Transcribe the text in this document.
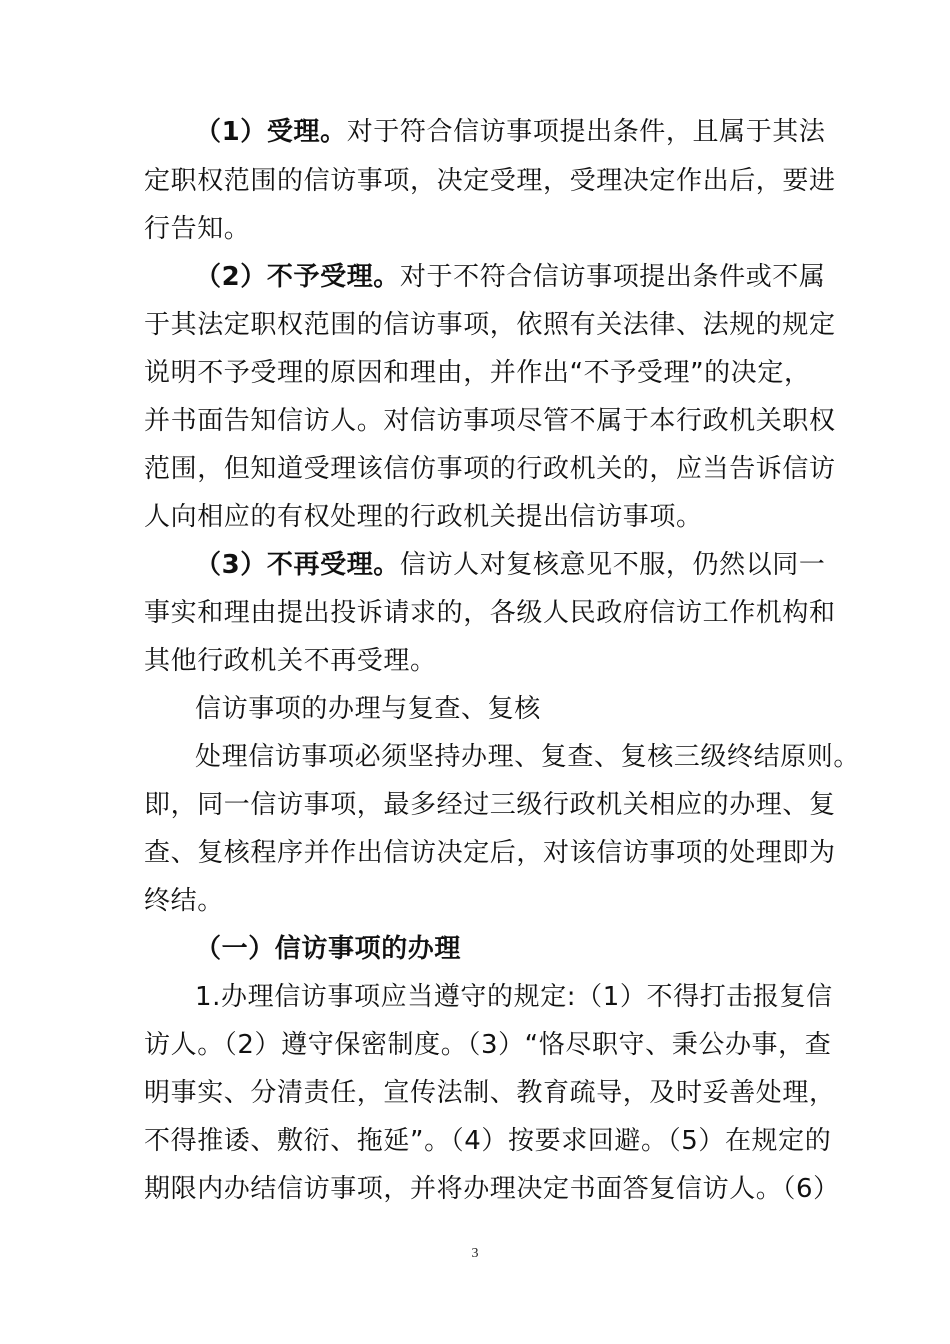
（1）受理。对于符合信访事项提出条件，且属于其法
定职权范围的信访事项，决定受理，受理决定作出后，要进
行告知。
（2）不予受理。对于不符合信访事项提出条件或不属
于其法定职权范围的信访事项，依照有关法律、法规的规定
说明不予受理的原因和理由，并作出“不予受理”的决定，
并书面告知信访人。对信访事项尽管不属于本行政机关职权
范围，但知道受理该信仿事项的行政机关的，应当告诉信访
人向相应的有权处理的行政机关提出信访事项。
（3）不再受理。信访人对复核意见不服，仍然以同一
事实和理由提出投诉请求的，各级人民政府信访工作机构和
其他行政机关不再受理。
信访事项的办理与复查、复核
处理信访事项必须坚持办理、复查、复核三级终结原则。
即，同一信访事项，最多经过三级行政机关相应的办理、复
查、复核程序并作出信访决定后，对该信访事项的处理即为
终结。
（一）信访事项的办理
1.办理信访事项应当遵守的规定:（1）不得打击报复信
访人。（2）遵守保密制度。（3）“恪尽职守、秉公办事，查
明事实、分清责任，宣传法制、教育疏导，及时妥善处理，
不得推诿、敷衍、拖延”。（4）按要求回避。（5）在规定的
期限内办结信访事项，并将办理决定书面答复信访人。（6）
3
